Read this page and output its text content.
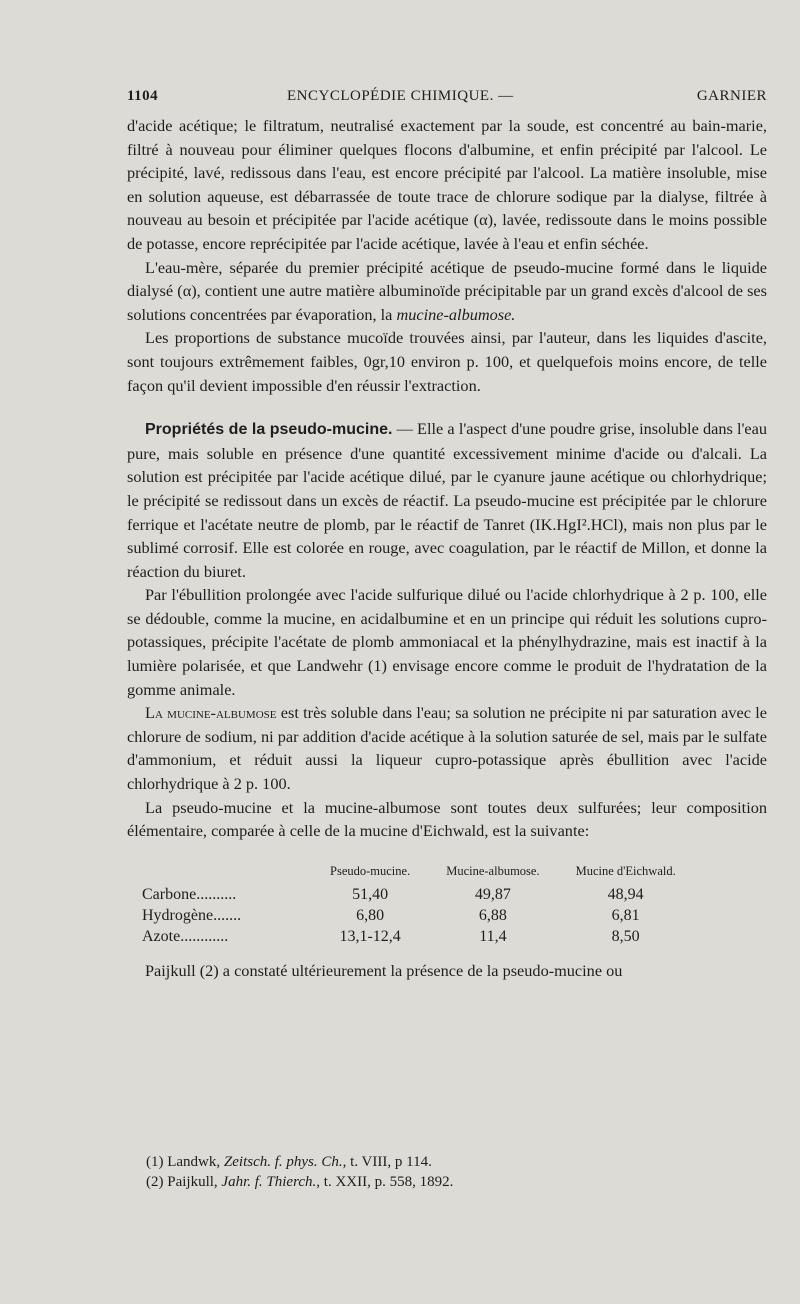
1104	ENCYCLOPÉDIE CHIMIQUE. —	GARNIER

d'acide acétique; le filtratum, neutralisé exactement par la soude, est concentré au bain-marie, filtré à nouveau pour éliminer quelques flocons d'albumine, et enfin précipité par l'alcool. Le précipité, lavé, redissous dans l'eau, est encore précipité par l'alcool. La matière insoluble, mise en solution aqueuse, est débarrassée de toute trace de chlorure sodique par la dialyse, filtrée à nouveau au besoin et précipitée par l'acide acétique (α), lavée, redissoute dans le moins possible de potasse, encore reprécipitée par l'acide acétique, lavée à l'eau et enfin séchée.

L'eau-mère, séparée du premier précipité acétique de pseudo-mucine formé dans le liquide dialysé (α), contient une autre matière albuminoïde précipitable par un grand excès d'alcool de ses solutions concentrées par évaporation, la mucine-albumose.

Les proportions de substance mucoïde trouvées ainsi, par l'auteur, dans les liquides d'ascite, sont toujours extrêmement faibles, 0gr,10 environ p. 100, et quelquefois moins encore, de telle façon qu'il devient impossible d'en réussir l'extraction.

Propriétés de la pseudo-mucine. — Elle a l'aspect d'une poudre grise, insoluble dans l'eau pure, mais soluble en présence d'une quantité excessivement minime d'acide ou d'alcali. La solution est précipitée par l'acide acétique dilué, par le cyanure jaune acétique ou chlorhydrique; le précipité se redissout dans un excès de réactif. La pseudo-mucine est précipitée par le chlorure ferrique et l'acétate neutre de plomb, par le réactif de Tanret (IK.HgI².HCl), mais non plus par le sublimé corrosif. Elle est colorée en rouge, avec coagulation, par le réactif de Millon, et donne la réaction du biuret.

Par l'ébullition prolongée avec l'acide sulfurique dilué ou l'acide chlorhydrique à 2 p. 100, elle se dédouble, comme la mucine, en acidalbumine et en un principe qui réduit les solutions cupro-potassiques, précipite l'acétate de plomb ammoniacal et la phénylhydrazine, mais est inactif à la lumière polarisée, et que Landwehr (1) envisage encore comme le produit de l'hydratation de la gomme animale.

La mucine-albumose est très soluble dans l'eau; sa solution ne précipite ni par saturation avec le chlorure de sodium, ni par addition d'acide acétique à la solution saturée de sel, mais par le sulfate d'ammonium, et réduit aussi la liqueur cupro-potassique après ébullition avec l'acide chlorhydrique à 2 p. 100.

La pseudo-mucine et la mucine-albumose sont toutes deux sulfurées; leur composition élémentaire, comparée à celle de la mucine d'Eichwald, est la suivante:

	Pseudo-mucine.	Mucine-albumose.	Mucine d'Eichwald.
Carbone..........	51,40	49,87	48,94
Hydrogène.......	6,80	6,88	6,81
Azote............	13,1-12,4	11,4	8,50

Paijkull (2) a constaté ultérieurement la présence de la pseudo-mucine ou

(1) Landwk, Zeitsch. f. phys. Ch., t. VIII, p 114.
(2) Paijkull, Jahr. f. Thierch., t. XXII, p. 558, 1892.
